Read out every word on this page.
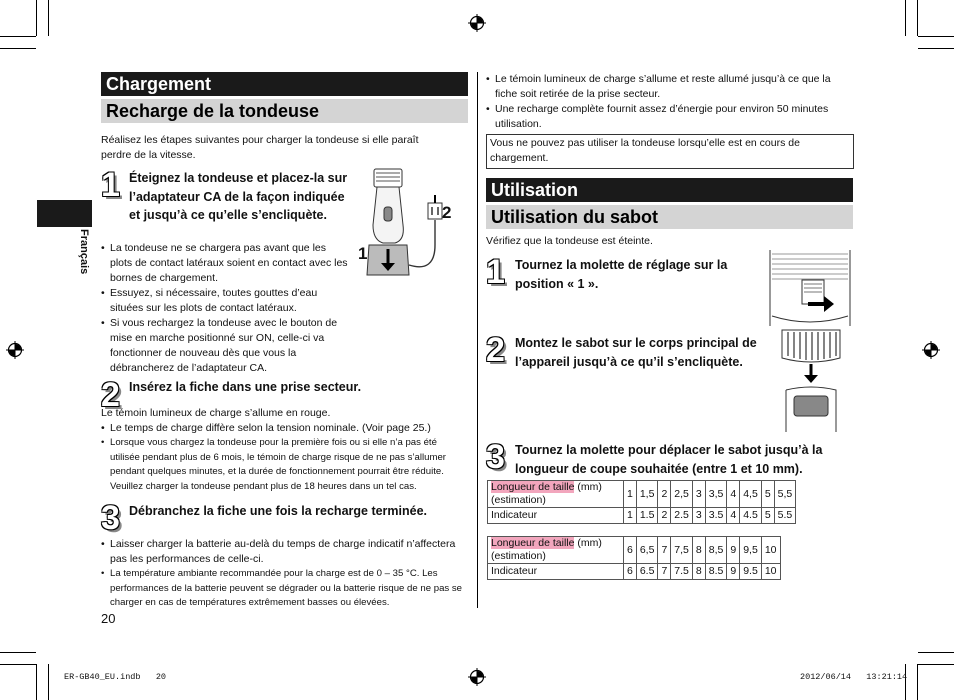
Français
Chargement
Recharge de la tondeuse
Réalisez les étapes suivantes pour charger la tondeuse si elle paraît perdre de la vitesse.
1 Éteignez la tondeuse et placez-la sur l’adaptateur CA de la façon indiquée et jusqu’à ce qu’elle s’encliquète.	2
1
• La tondeuse ne se chargera pas avant que les plots de contact latéraux soient en contact avec les bornes de chargement.
• Essuyez, si nécessaire, toutes gouttes d’eau situées sur les plots de contact latéraux.
• Si vous rechargez la tondeuse avec le bouton de mise en marche positionné sur ON, celle-ci va fonctionner de nouveau dès que vous la débrancherez de l’adaptateur CA.
2 Insérez la fiche dans une prise secteur.
Le témoin lumineux de charge s’allume en rouge.
• Le temps de charge diffère selon la tension nominale. (Voir page 25.)
• Lorsque vous chargez la tondeuse pour la première fois ou si elle n’a pas été utilisée pendant plus de 6 mois, le témoin de charge risque de ne pas s’allumer pendant quelques minutes, et la durée de fonctionnement pourrait être réduite. Veuillez charger la tondeuse pendant plus de 18 heures dans un tel cas.
3 Débranchez la fiche une fois la recharge terminée.
• Laisser charger la batterie au-delà du temps de charge indicatif n’affectera pas les performances de celle-ci.
• La température ambiante recommandée pour la charge est de 0 – 35 °C. Les performances de la batterie peuvent se dégrader ou la batterie risque de ne pas se charger en cas de températures extrêmement basses ou élevées.
20
• Le témoin lumineux de charge s’allume et reste allumé jusqu’à ce que la fiche soit retirée de la prise secteur.
• Une recharge complète fournit assez d’énergie pour environ 50 minutes utilisation.
Vous ne pouvez pas utiliser la tondeuse lorsqu’elle est en cours de chargement.
Utilisation
Utilisation du sabot
Vérifiez que la tondeuse est éteinte.
1 Tournez la molette de réglage sur la position « 1 ».
2 Montez le sabot sur le corps principal de l’appareil jusqu’à ce qu’il s’encliquète.
3 Tournez la molette pour déplacer le sabot jusqu’à la longueur de coupe souhaitée (entre 1 et 10 mm).
Longueur de taille (mm)
(estimation)	1	1,5	2	2,5	3	3,5	4	4,5	5	5,5
Indicateur	1	1.5	2	2.5	3	3.5	4	4.5	5	5.5
Longueur de taille (mm)
(estimation)	6	6,5	7	7,5	8	8,5	9	9,5	10
Indicateur	6	6.5	7	7.5	8	8.5	9	9.5	10
ER-GB40_EU.indb   20	2012/06/14   13:21:14
